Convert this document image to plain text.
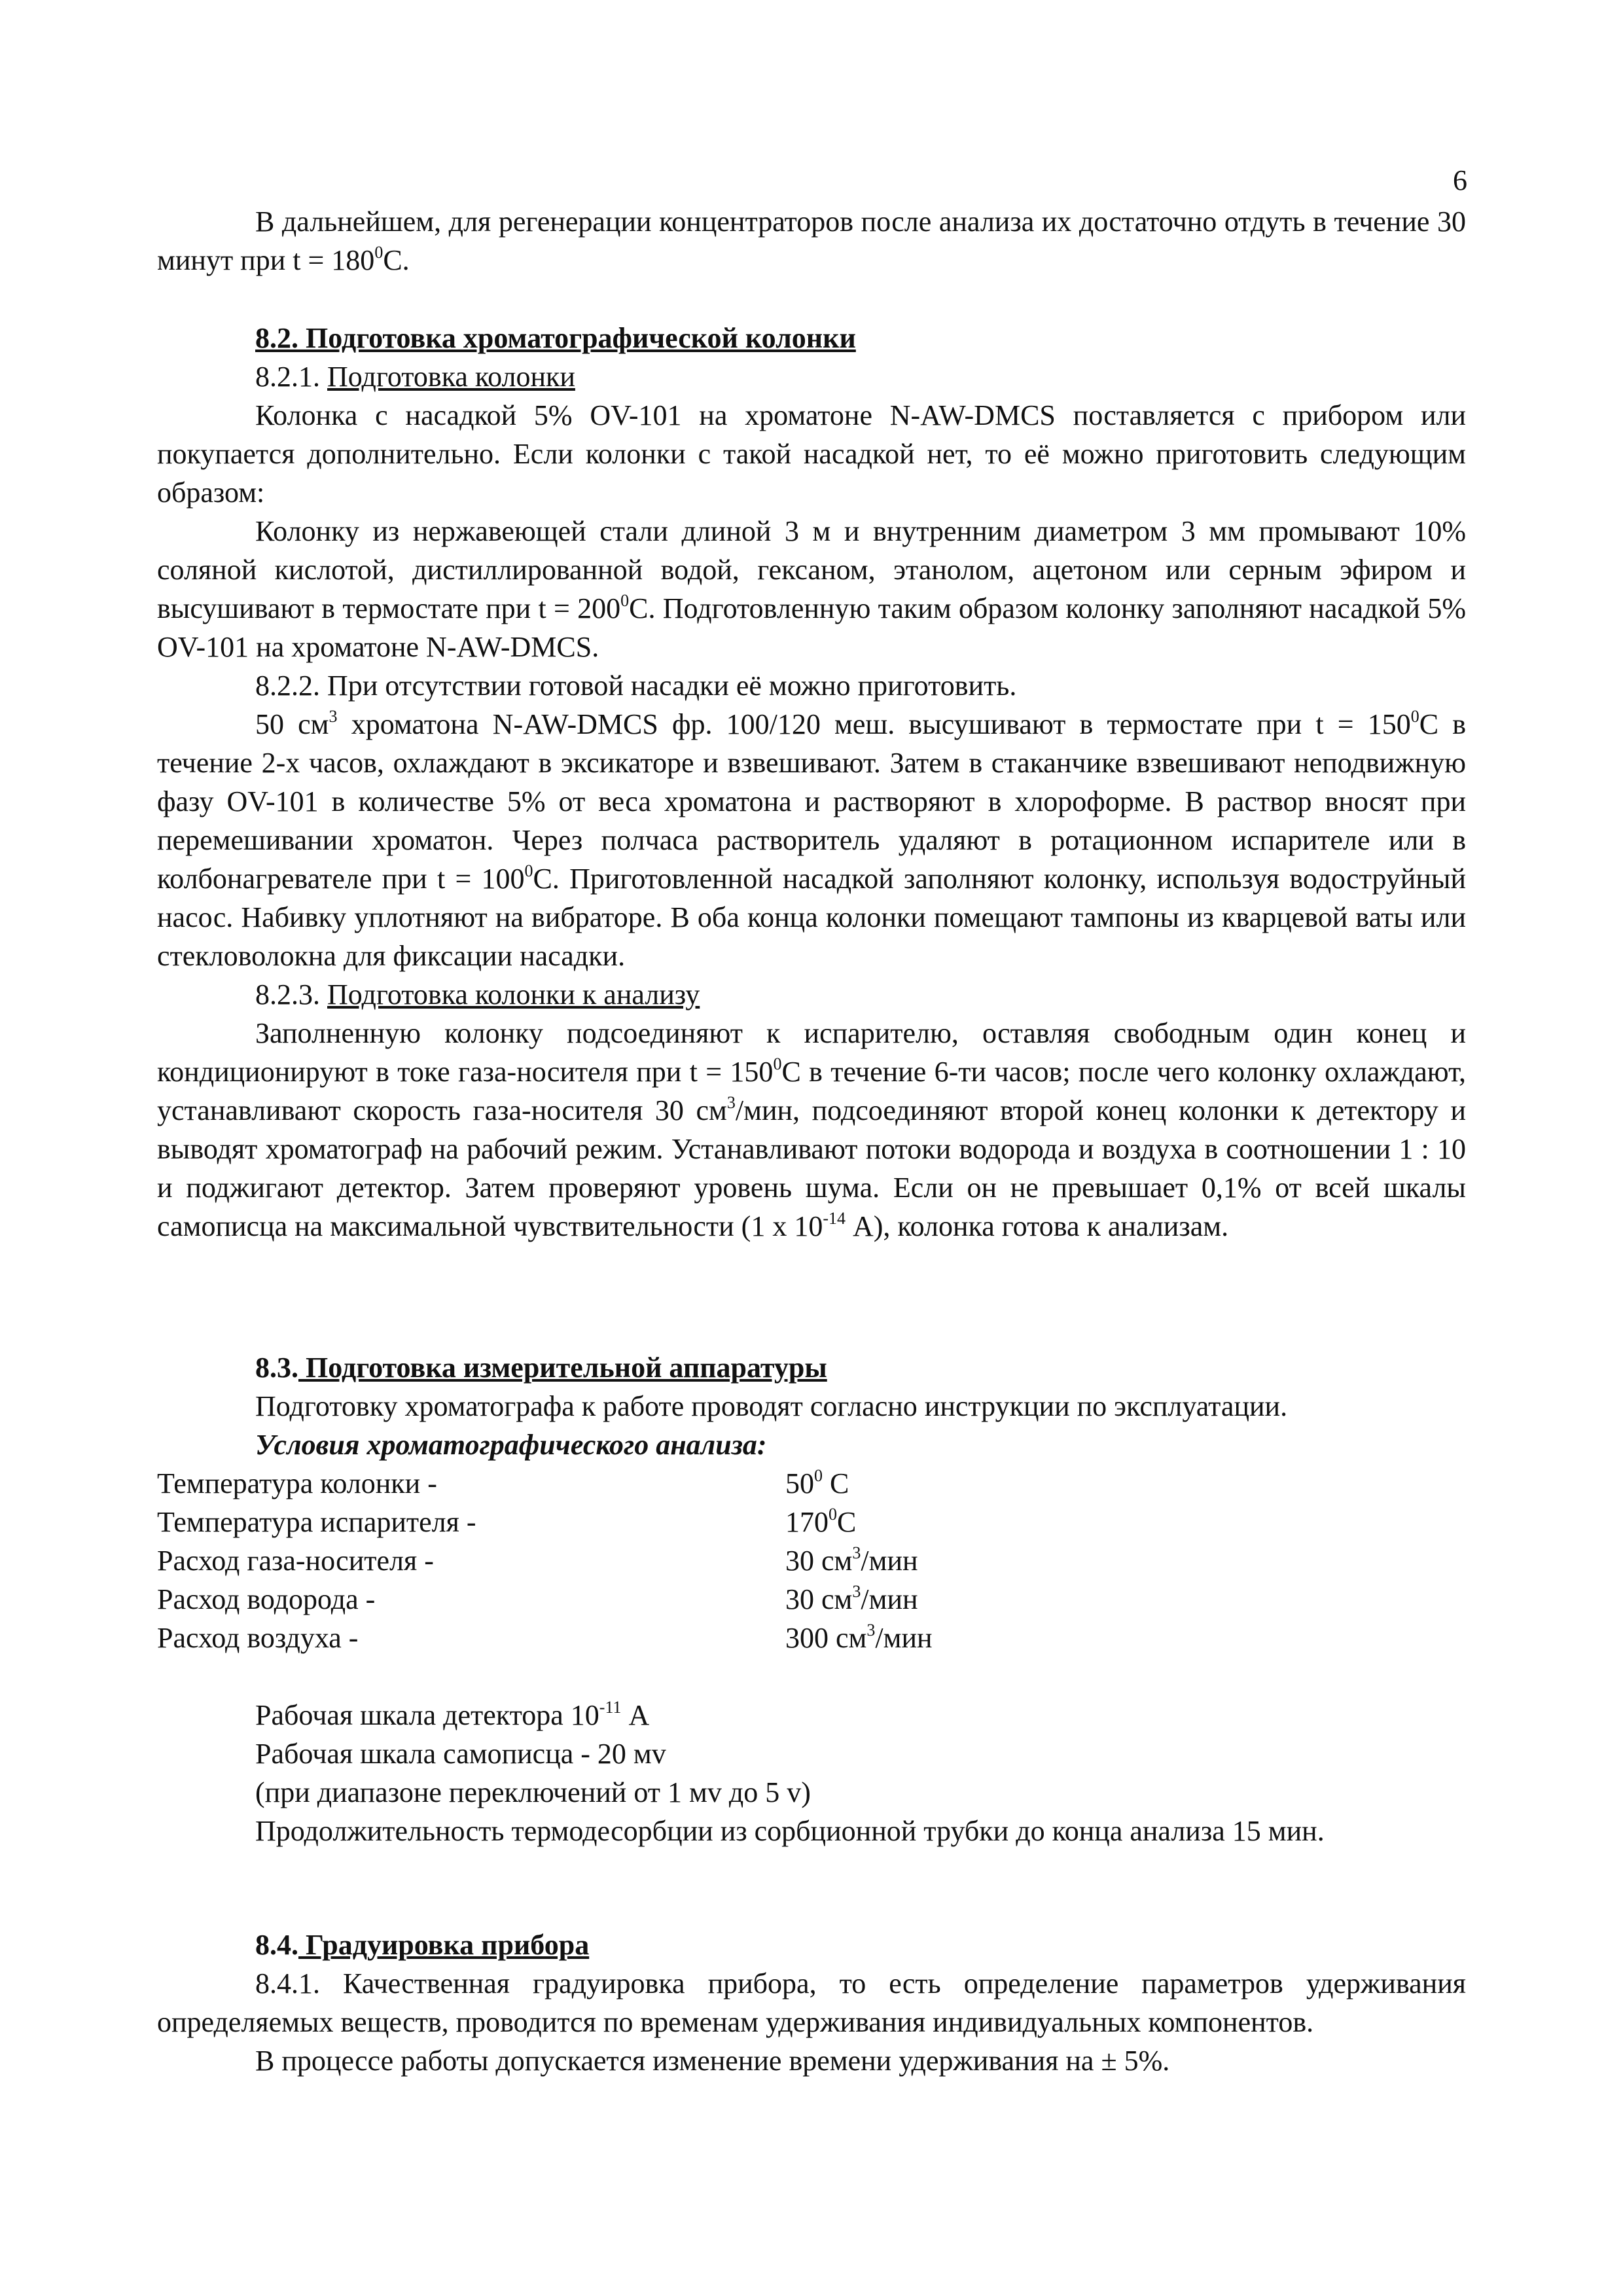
6

В дальнейшем, для регенерации концентраторов после анализа их достаточно отдуть в течение 30 минут при $t = 180^0С$.

8.2. Подготовка хроматографической колонки

8.2.1. Подготовка колонки

Колонка с насадкой 5% OV-101 на хроматоне N-AW-DMCS поставляется с прибором или покупается дополнительно. Если колонки с такой насадкой нет, то её можно приготовить следующим образом:

Колонку из нержавеющей стали длиной 3 м и внутренним диаметром 3 мм промывают 10% соляной кислотой, дистиллированной водой, гексаном, этанолом, ацетоном или серным эфиром и высушивают в термостате при $t = 200^0С$. Подготовленную таким образом колонку заполняют насадкой 5% OV-101 на хроматоне N-AW-DMCS.

8.2.2. При отсутствии готовой насадки её можно приготовить.

50 $см^3$ хроматона N-AW-DMCS фр. 100/120 меш. высушивают в термостате при $t = 150^0С$ в течение 2-х часов, охлаждают в эксикаторе и взвешивают. Затем в стаканчике взвешивают неподвижную фазу OV-101 в количестве 5% от веса хроматона и растворяют в хлороформе. В раствор вносят при перемешивании хроматон. Через полчаса растворитель удаляют в ротационном испарителе или в колбонагревателе при $t = 100^0С$. Приготовленной насадкой заполняют колонку, используя водоструйный насос. Набивку уплотняют на вибраторе. В оба конца колонки помещают тампоны из кварцевой ваты или стекловолокна для фиксации насадки.

8.2.3. Подготовка колонки к анализу

Заполненную колонку подсоединяют к испарителю, оставляя свободным один конец и кондиционируют в токе газа-носителя при $t = 150^0С$ в течение 6-ти часов; после чего колонку охлаждают, устанавливают скорость газа-носителя 30 $см^3$/мин, подсоединяют второй конец колонки к детектору и выводят хроматограф на рабочий режим. Устанавливают потоки водорода и воздуха в соотношении 1 : 10 и поджигают детектор. Затем проверяют уровень шума. Если он не превышает 0,1% от всей шкалы самописца на максимальной чувствительности (1 х $10^{-14}$ А), колонка готова к анализам.

8.3. Подготовка измерительной аппаратуры

Подготовку хроматографа к работе проводят согласно инструкции по эксплуатации.

Условия хроматографического анализа:

Температура колонки -	$50^0$ С
Температура испарителя -	$170^0С$
Расход газа-носителя -	30 $см^3$/мин
Расход водорода -	30 $см^3$/мин
Расход воздуха -	300 $см^3$/мин

Рабочая шкала детектора $10^{-11}$ А

Рабочая шкала самописца - 20 мv

(при диапазоне переключений от 1 мv до 5 v)

Продолжительность термодесорбции из сорбционной трубки до конца анализа 15 мин.

8.4. Градуировка прибора

8.4.1. Качественная градуировка прибора, то есть определение параметров удерживания определяемых веществ, проводится по временам удерживания индивидуальных компонентов.

В процессе работы допускается изменение времени удерживания на ± 5%.
